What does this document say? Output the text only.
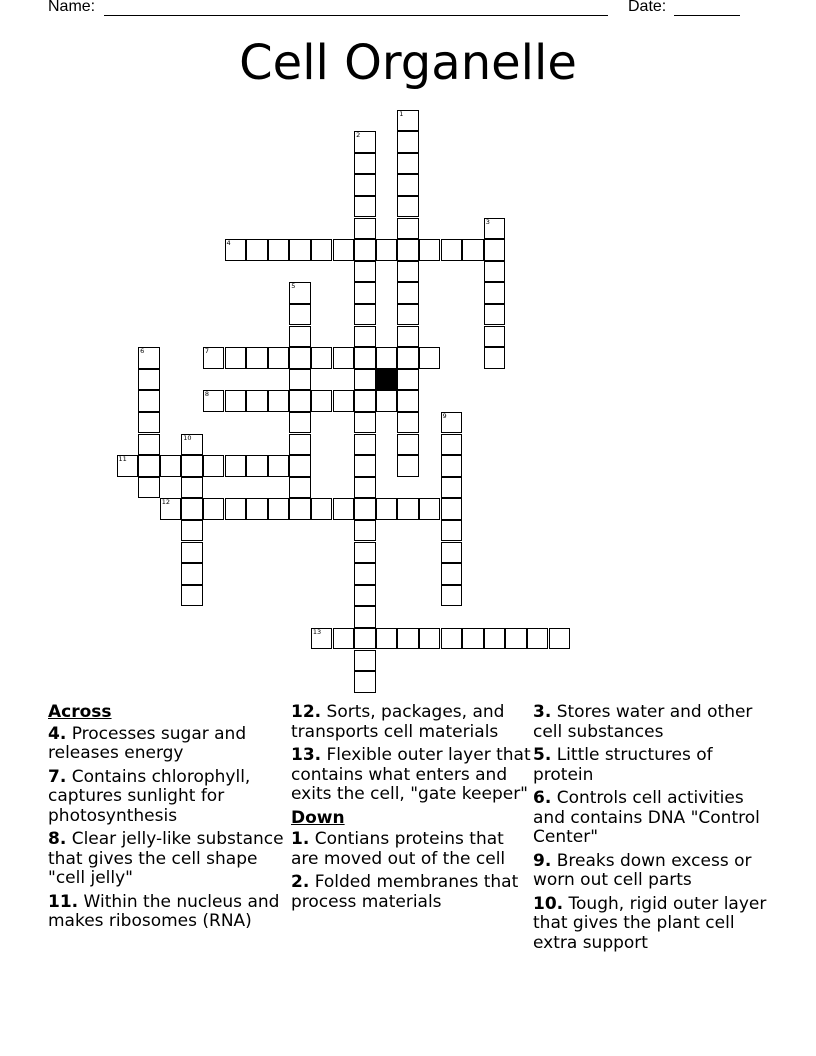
Name:	Date:
Cell Organelle
1
2
3
4
5
6	7
8
9
10
11
12
13
Across
4. Processes sugar and releases energy
7. Contains chlorophyll, captures sunlight for photosynthesis
8. Clear jelly-like substance that gives the cell shape "cell jelly"
11. Within the nucleus and makes ribosomes (RNA)
12. Sorts, packages, and transports cell materials
13. Flexible outer layer that contains what enters and exits the cell, "gate keeper"
Down
1. Contians proteins that are moved out of the cell
2. Folded membranes that process materials
3. Stores water and other cell substances
5. Little structures of protein
6. Controls cell activities and contains DNA "Control Center"
9. Breaks down excess or worn out cell parts
10. Tough, rigid outer layer that gives the plant cell extra support
